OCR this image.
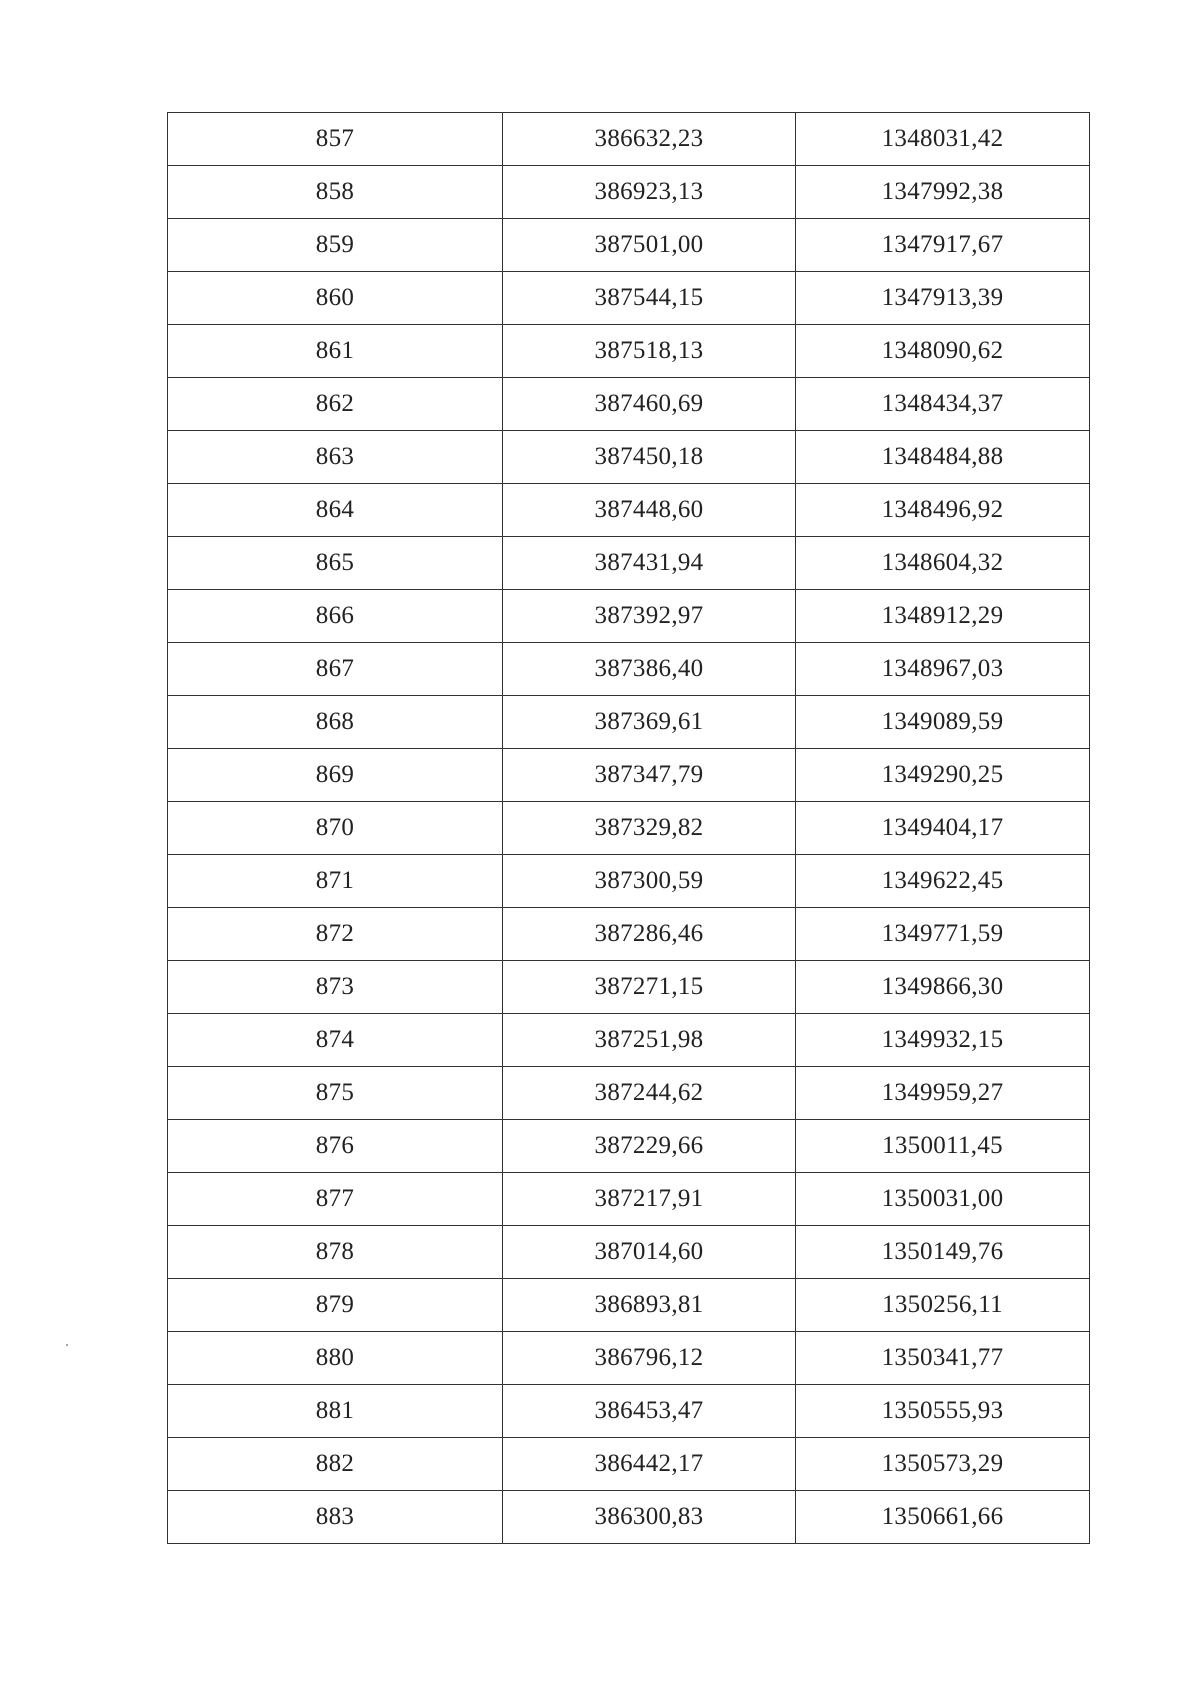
857	386632,23	1348031,42
858	386923,13	1347992,38
859	387501,00	1347917,67
860	387544,15	1347913,39
861	387518,13	1348090,62
862	387460,69	1348434,37
863	387450,18	1348484,88
864	387448,60	1348496,92
865	387431,94	1348604,32
866	387392,97	1348912,29
867	387386,40	1348967,03
868	387369,61	1349089,59
869	387347,79	1349290,25
870	387329,82	1349404,17
871	387300,59	1349622,45
872	387286,46	1349771,59
873	387271,15	1349866,30
874	387251,98	1349932,15
875	387244,62	1349959,27
876	387229,66	1350011,45
877	387217,91	1350031,00
878	387014,60	1350149,76
879	386893,81	1350256,11
880	386796,12	1350341,77
881	386453,47	1350555,93
882	386442,17	1350573,29
883	386300,83	1350661,66
